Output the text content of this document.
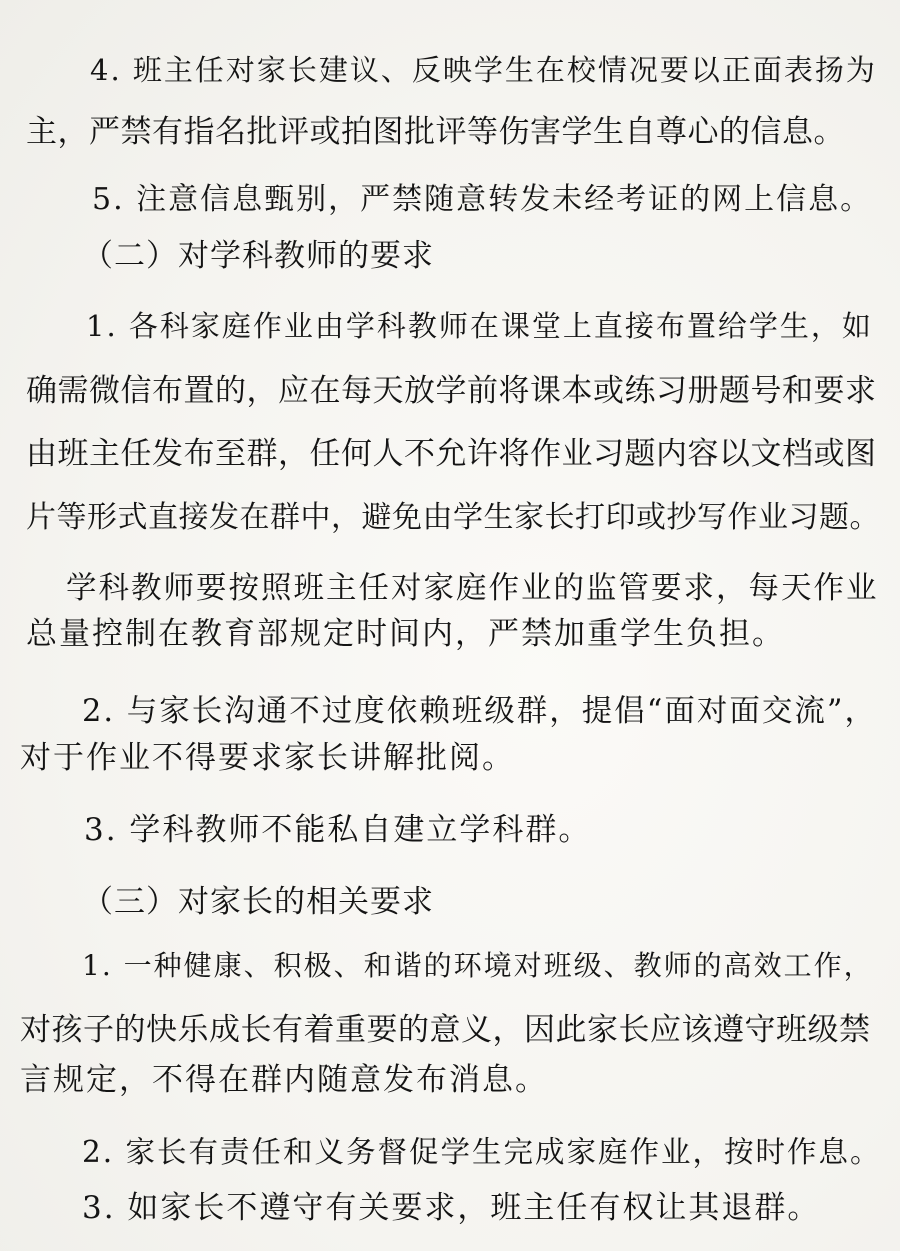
4. 班主任对家长建议、反映学生在校情况要以正面表扬为
主，严禁有指名批评或拍图批评等伤害学生自尊心的信息。
5. 注意信息甄别，严禁随意转发未经考证的网上信息。
（二）对学科教师的要求
1. 各科家庭作业由学科教师在课堂上直接布置给学生，如
确需微信布置的，应在每天放学前将课本或练习册题号和要求
由班主任发布至群，任何人不允许将作业习题内容以文档或图
片等形式直接发在群中，避免由学生家长打印或抄写作业习题。
学科教师要按照班主任对家庭作业的监管要求，每天作业
总量控制在教育部规定时间内，严禁加重学生负担。
2. 与家长沟通不过度依赖班级群，提倡“面对面交流”，
对于作业不得要求家长讲解批阅。
3. 学科教师不能私自建立学科群。
（三）对家长的相关要求
1. 一种健康、积极、和谐的环境对班级、教师的高效工作，
对孩子的快乐成长有着重要的意义，因此家长应该遵守班级禁
言规定，不得在群内随意发布消息。
2. 家长有责任和义务督促学生完成家庭作业，按时作息。
3. 如家长不遵守有关要求，班主任有权让其退群。
